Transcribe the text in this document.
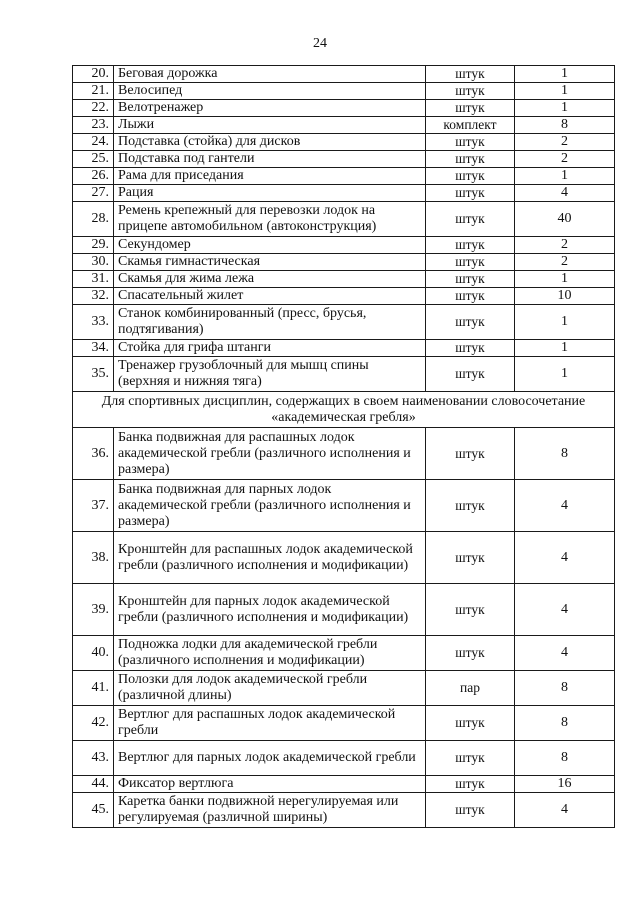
24
20.	Беговая дорожка	штук	1
21.	Велосипед	штук	1
22.	Велотренажер	штук	1
23.	Лыжи	комплект	8
24.	Подставка (стойка) для дисков	штук	2
25.	Подставка под гантели	штук	2
26.	Рама для приседания	штук	1
27.	Рация	штук	4
28.	Ремень крепежный для перевозки лодок на прицепе автомобильном (автоконструкция)	штук	40
29.	Секундомер	штук	2
30.	Скамья гимнастическая	штук	2
31.	Скамья для жима лежа	штук	1
32.	Спасательный жилет	штук	10
33.	Станок комбинированный (пресс, брусья, подтягивания)	штук	1
34.	Стойка для грифа штанги	штук	1
35.	Тренажер грузоблочный для мышц спины (верхняя и нижняя тяга)	штук	1
Для спортивных дисциплин, содержащих в своем наименовании словосочетание «академическая гребля»			
36.	Банка подвижная для распашных лодок академической гребли (различного исполнения и размера)	штук	8
37.	Банка подвижная для парных лодок академической гребли (различного исполнения и размера)	штук	4
38.	Кронштейн для распашных лодок академической гребли (различного исполнения и модификации)	штук	4
39.	Кронштейн для парных лодок академической гребли (различного исполнения и модификации)	штук	4
40.	Подножка лодки для академической гребли (различного исполнения и модификации)	штук	4
41.	Полозки для лодок академической гребли (различной длины)	пар	8
42.	Вертлюг для распашных лодок академической гребли	штук	8
43.	Вертлюг для парных лодок академической гребли	штук	8
44.	Фиксатор вертлюга	штук	16
45.	Каретка банки подвижной нерегулируемая или регулируемая (различной ширины)	штук	4
